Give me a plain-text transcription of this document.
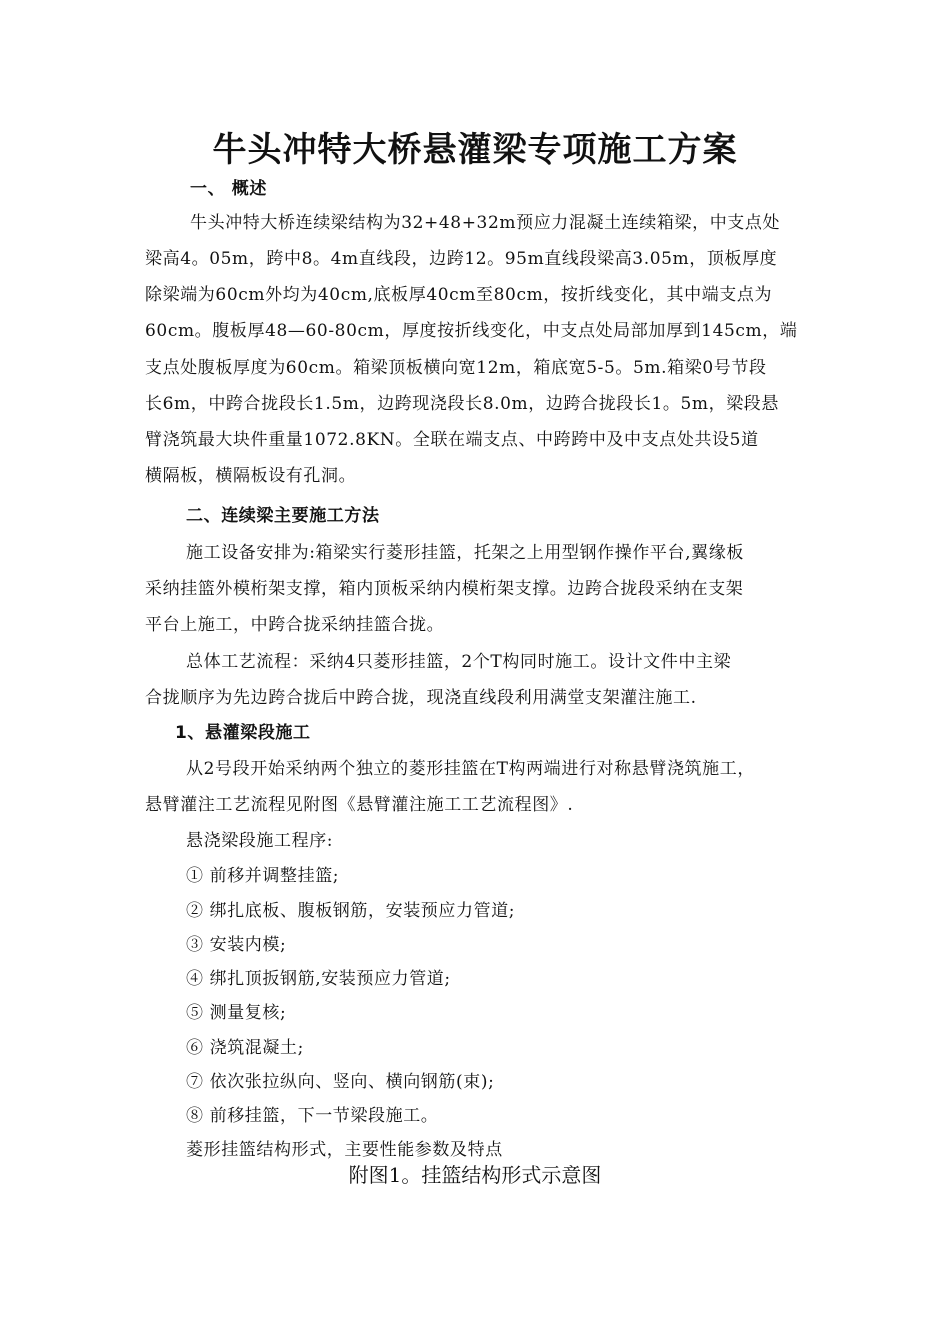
牛头冲特大桥悬灌梁专项施工方案
一、 概述
牛头冲特大桥连续梁结构为32+48+32m预应力混凝土连续箱梁，中支点处
梁高4。05m，跨中8。4m直线段，边跨12。95m直线段梁高3.05m，顶板厚度
除梁端为60cm外均为40cm,底板厚40cm至80cm，按折线变化，其中端支点为
60cm。腹板厚48—60-80cm，厚度按折线变化，中支点处局部加厚到145cm，端
支点处腹板厚度为60cm。箱梁顶板横向宽12m，箱底宽5-5。5m.箱梁0号节段
长6m，中跨合拢段长1.5m，边跨现浇段长8.0m，边跨合拢段长1。5m，梁段悬
臂浇筑最大块件重量1072.8KN。全联在端支点、中跨跨中及中支点处共设5道
横隔板，横隔板设有孔洞。
二、连续梁主要施工方法
施工设备安排为:箱梁实行菱形挂篮，托架之上用型钢作操作平台,翼缘板
采纳挂篮外模桁架支撑，箱内顶板采纳内模桁架支撑。边跨合拢段采纳在支架
平台上施工，中跨合拢采纳挂篮合拢。
总体工艺流程：采纳4只菱形挂篮，2个T构同时施工。设计文件中主梁
合拢顺序为先边跨合拢后中跨合拢，现浇直线段利用满堂支架灌注施工.
1、悬灌梁段施工
从2号段开始采纳两个独立的菱形挂篮在T构两端进行对称悬臂浇筑施工，
悬臂灌注工艺流程见附图《悬臂灌注施工工艺流程图》.
悬浇梁段施工程序:
① 前移并调整挂篮;
② 绑扎底板、腹板钢筋，安装预应力管道;
③ 安装内模;
④ 绑扎顶扳钢筋,安装预应力管道;
⑤ 测量复核;
⑥ 浇筑混凝土;
⑦ 依次张拉纵向、竖向、横向钢筋(束);
⑧ 前移挂篮，下一节梁段施工。
菱形挂篮结构形式，主要性能参数及特点
附图1。挂篮结构形式示意图
